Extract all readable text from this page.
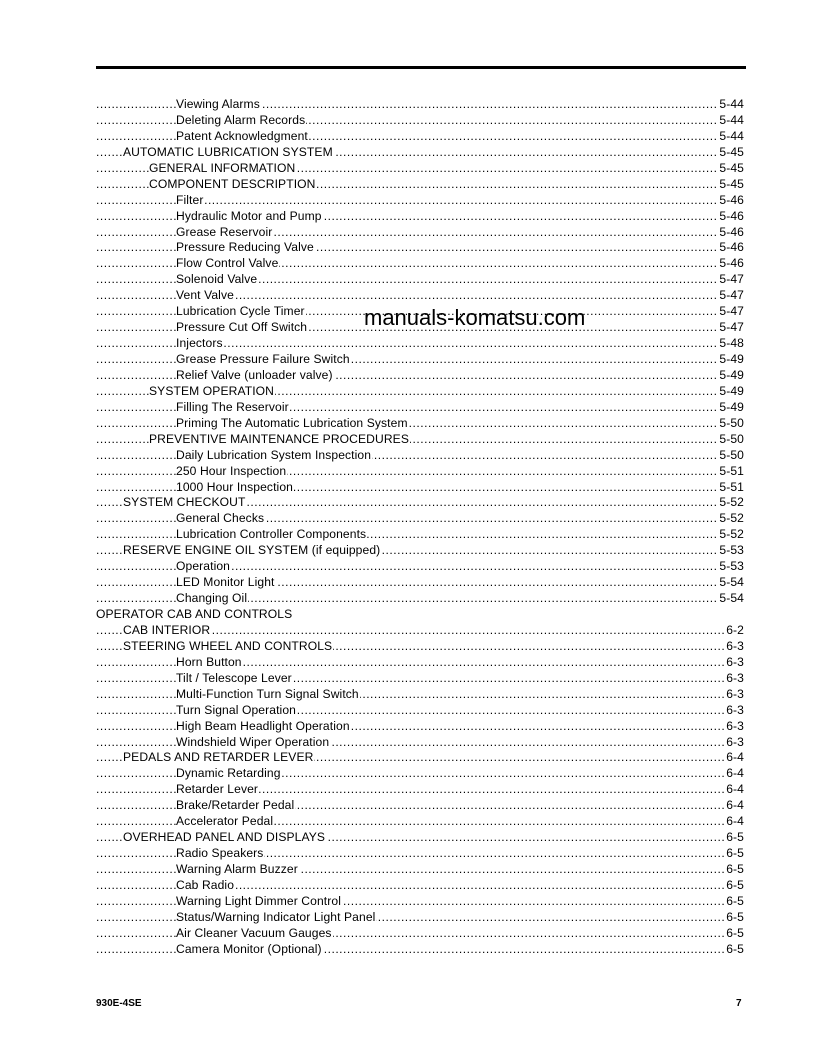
Viewing Alarms	5-44
.....
Deleting Alarm Records	5-44
.....
Patent Acknowledgment	5-44
.....
AUTOMATIC LUBRICATION SYSTEM	5-45
.....
GENERAL INFORMATION	5-45
.....
COMPONENT DESCRIPTION	5-45
.....
Filter	5-46
.....
Hydraulic Motor and Pump	5-46
.....
Grease Reservoir	5-46
.....
Pressure Reducing Valve	5-46
.....
Flow Control Valve	5-46
.....
Solenoid Valve	5-47
.....
Vent Valve	5-47
.....
Lubrication Cycle Timer	5-47
.....
Pressure Cut Off Switch	5-47
.....
Injectors	5-48
.....
Grease Pressure Failure Switch	5-49
.....
Relief Valve (unloader valve)	5-49
.....
SYSTEM OPERATION	5-49
.....
Filling The Reservoir	5-49
.....
Priming The Automatic Lubrication System	5-50
.....
PREVENTIVE MAINTENANCE PROCEDURES	5-50
.....
Daily Lubrication System Inspection	5-50
.....
250 Hour Inspection	5-51
.....
1000 Hour Inspection	5-51
.....
SYSTEM CHECKOUT	5-52
.....
General Checks	5-52
.....
Lubrication Controller Components	5-52
.....
RESERVE ENGINE OIL SYSTEM (if equipped)	5-53
.....
Operation	5-53
.....
LED Monitor Light	5-54
.....
Changing Oil	5-54
.....
OPERATOR CAB AND CONTROLS
CAB INTERIOR	6-2
.....
STEERING WHEEL AND CONTROLS	6-3
.....
Horn Button	6-3
.....
Tilt / Telescope Lever	6-3
.....
Multi-Function Turn Signal Switch	6-3
.....
Turn Signal Operation	6-3
.....
High Beam Headlight Operation	6-3
.....
Windshield Wiper Operation	6-3
.....
PEDALS AND RETARDER LEVER	6-4
.....
Dynamic Retarding	6-4
.....
Retarder Lever	6-4
.....
Brake/Retarder Pedal	6-4
.....
Accelerator Pedal	6-4
.....
OVERHEAD PANEL AND DISPLAYS	6-5
.....
Radio Speakers	6-5
.....
Warning Alarm Buzzer	6-5
.....
Cab Radio	6-5
.....
Warning Light Dimmer Control	6-5
.....
Status/Warning Indicator Light Panel	6-5
.....
Air Cleaner Vacuum Gauges	6-5
.....
Camera Monitor (Optional)	6-5
.....
manuals-komatsu.com
930E-4SE	7
